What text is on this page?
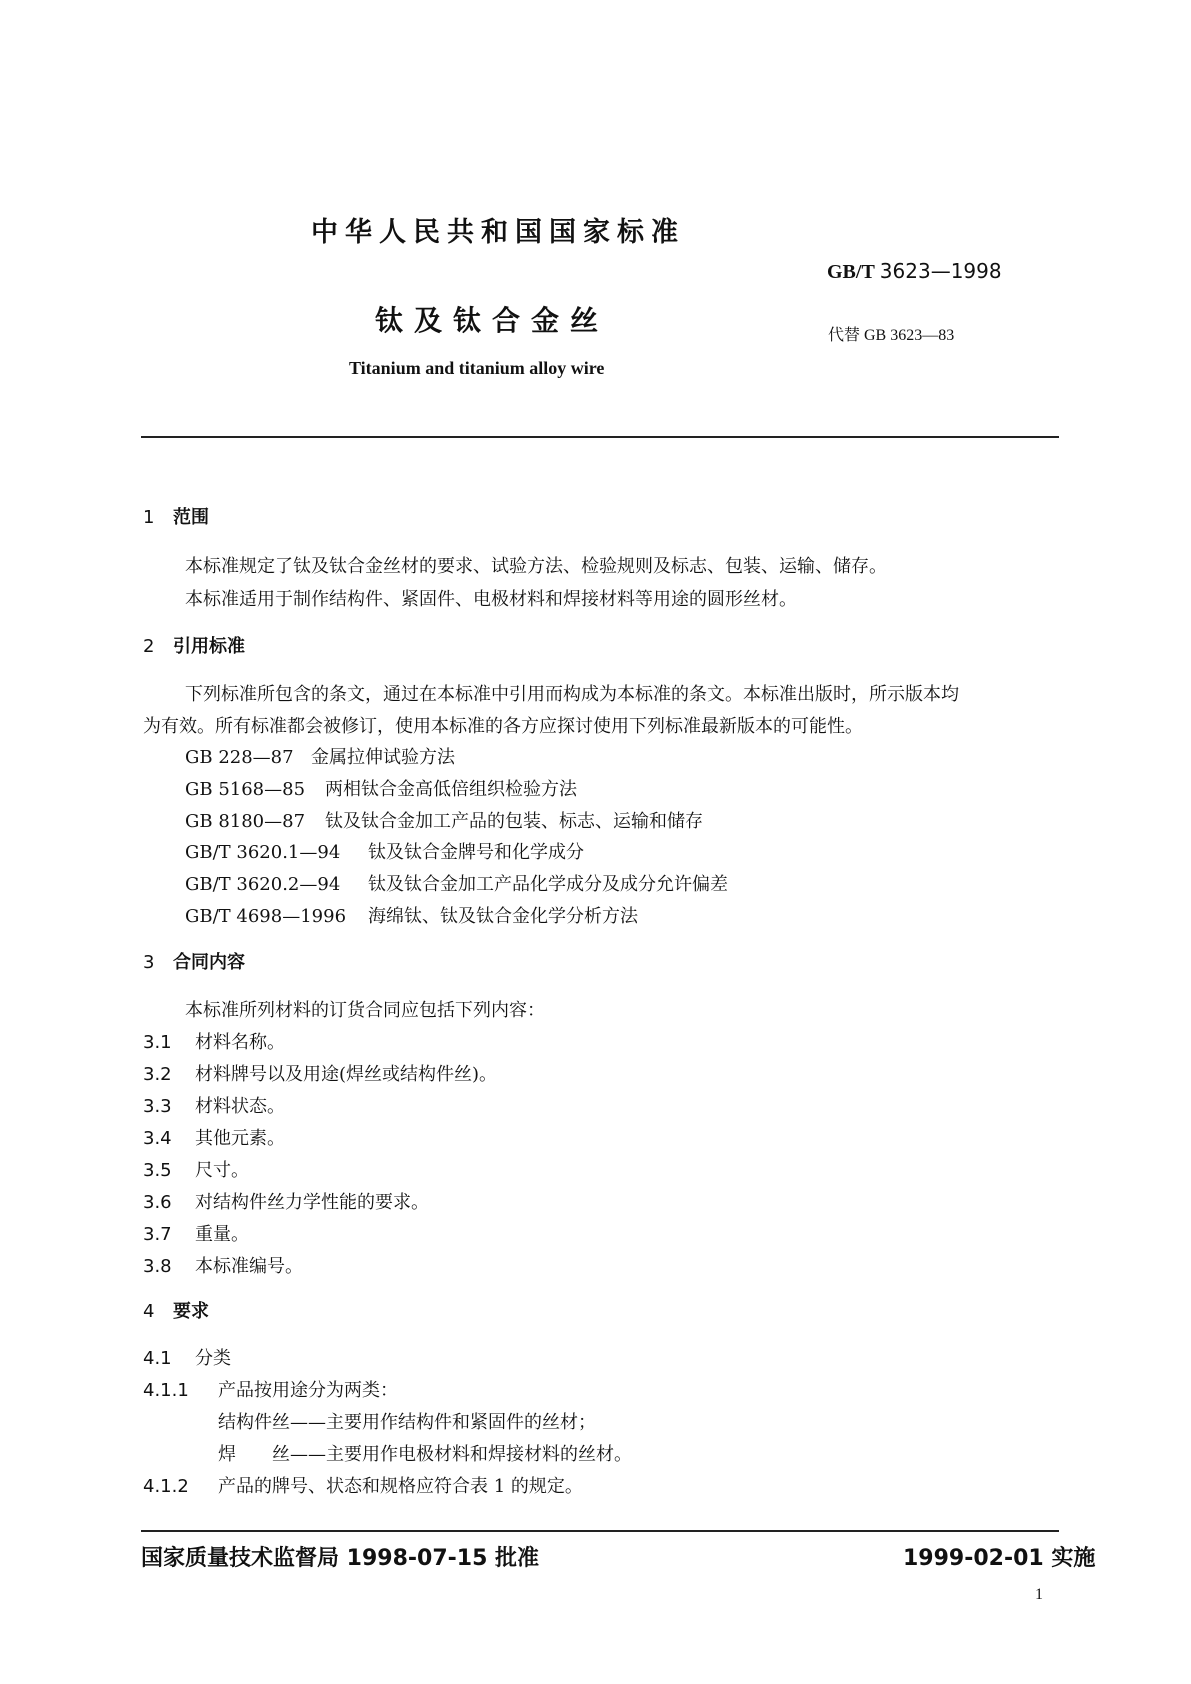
中华人民共和国国家标准
GB/T 3623—1998
钛及钛合金丝	代替 GB 3623—83
Titanium and titanium alloy wire
1 范围
本标准规定了钛及钛合金丝材的要求、试验方法、检验规则及标志、包装、运输、储存。
本标准适用于制作结构件、紧固件、电极材料和焊接材料等用途的圆形丝材。
2 引用标准
下列标准所包含的条文，通过在本标准中引用而构成为本标准的条文。本标准出版时，所示版本均
为有效。所有标准都会被修订，使用本标准的各方应探讨使用下列标准最新版本的可能性。
GB 228—87 金属拉伸试验方法
GB 5168—85 两相钛合金高低倍组织检验方法
GB 8180—87 钛及钛合金加工产品的包装、标志、运输和储存
GB/T 3620.1—94 钛及钛合金牌号和化学成分
GB/T 3620.2—94 钛及钛合金加工产品化学成分及成分允许偏差
GB/T 4698—1996 海绵钛、钛及钛合金化学分析方法
3 合同内容
本标准所列材料的订货合同应包括下列内容：
3.1 材料名称。
3.2 材料牌号以及用途(焊丝或结构件丝)。
3.3 材料状态。
3.4 其他元素。
3.5 尺寸。
3.6 对结构件丝力学性能的要求。
3.7 重量。
3.8 本标准编号。
4 要求
4.1 分类
4.1.1 产品按用途分为两类：
结构件丝——主要用作结构件和紧固件的丝材；
焊　　丝——主要用作电极材料和焊接材料的丝材。
4.1.2 产品的牌号、状态和规格应符合表 1 的规定。
国家质量技术监督局 1998-07-15 批准	1999-02-01 实施
1
